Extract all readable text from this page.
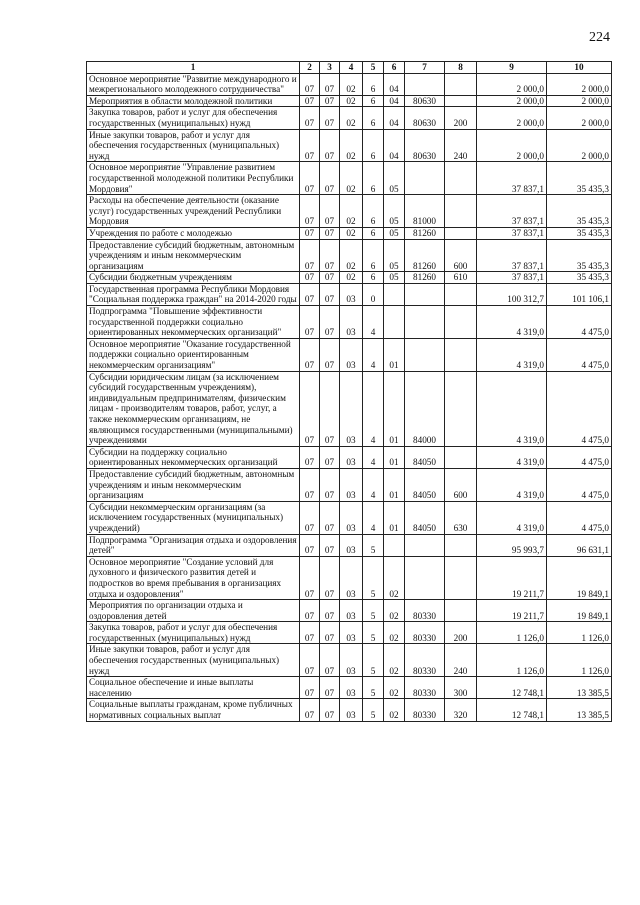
224
1	2	3	4	5	6	7	8	9	10
Основное мероприятие "Развитие международного и межрегионального молодежного сотрудничества"	07	07	02	6	04			2 000,0	2 000,0
Мероприятия в области молодежной политики	07	07	02	6	04	80630		2 000,0	2 000,0
Закупка товаров, работ и услуг для обеспечения государственных (муниципальных) нужд	07	07	02	6	04	80630	200	2 000,0	2 000,0
Иные закупки товаров, работ и услуг для обеспечения государственных (муниципальных) нужд	07	07	02	6	04	80630	240	2 000,0	2 000,0
Основное мероприятие "Управление развитием государственной молодежной политики Республики Мордовия"	07	07	02	6	05			37 837,1	35 435,3
Расходы на обеспечение деятельности (оказание услуг) государственных учреждений Республики Мордовия	07	07	02	6	05	81000		37 837,1	35 435,3
Учреждения по работе с молодежью	07	07	02	6	05	81260		37 837,1	35 435,3
Предоставление субсидий бюджетным, автономным учреждениям и иным некоммерческим организациям	07	07	02	6	05	81260	600	37 837,1	35 435,3
Субсидии бюджетным учреждениям	07	07	02	6	05	81260	610	37 837,1	35 435,3
Государственная программа Республики Мордовия "Социальная поддержка граждан" на 2014-2020 годы	07	07	03	0				100 312,7	101 106,1
Подпрограмма "Повышение эффективности государственной поддержки социально ориентированных некоммерческих организаций"	07	07	03	4				4 319,0	4 475,0
Основное мероприятие "Оказание государственной поддержки социально ориентированным некоммерческим организациям"	07	07	03	4	01			4 319,0	4 475,0
Субсидии юридическим лицам (за исключением субсидий государственным учреждениям), индивидуальным предпринимателям, физическим лицам - производителям товаров, работ, услуг, а также некоммерческим организациям, не являющимся государственными (муниципальными) учреждениями	07	07	03	4	01	84000		4 319,0	4 475,0
Субсидии на поддержку социально ориентированных некоммерческих организаций	07	07	03	4	01	84050		4 319,0	4 475,0
Предоставление субсидий бюджетным, автономным учреждениям и иным некоммерческим организациям	07	07	03	4	01	84050	600	4 319,0	4 475,0
Субсидии некоммерческим организациям (за исключением государственных (муниципальных) учреждений)	07	07	03	4	01	84050	630	4 319,0	4 475,0
Подпрограмма "Организация отдыха и оздоровления детей"	07	07	03	5				95 993,7	96 631,1
Основное мероприятие "Создание условий для духовного и физического развития детей и подростков во время пребывания в организациях отдыха и оздоровления"	07	07	03	5	02			19 211,7	19 849,1
Мероприятия по организации отдыха и оздоровления детей	07	07	03	5	02	80330		19 211,7	19 849,1
Закупка товаров, работ и услуг для обеспечения государственных (муниципальных) нужд	07	07	03	5	02	80330	200	1 126,0	1 126,0
Иные закупки товаров, работ и услуг для обеспечения государственных (муниципальных) нужд	07	07	03	5	02	80330	240	1 126,0	1 126,0
Социальное обеспечение и иные выплаты населению	07	07	03	5	02	80330	300	12 748,1	13 385,5
Социальные выплаты гражданам, кроме публичных нормативных социальных выплат	07	07	03	5	02	80330	320	12 748,1	13 385,5
